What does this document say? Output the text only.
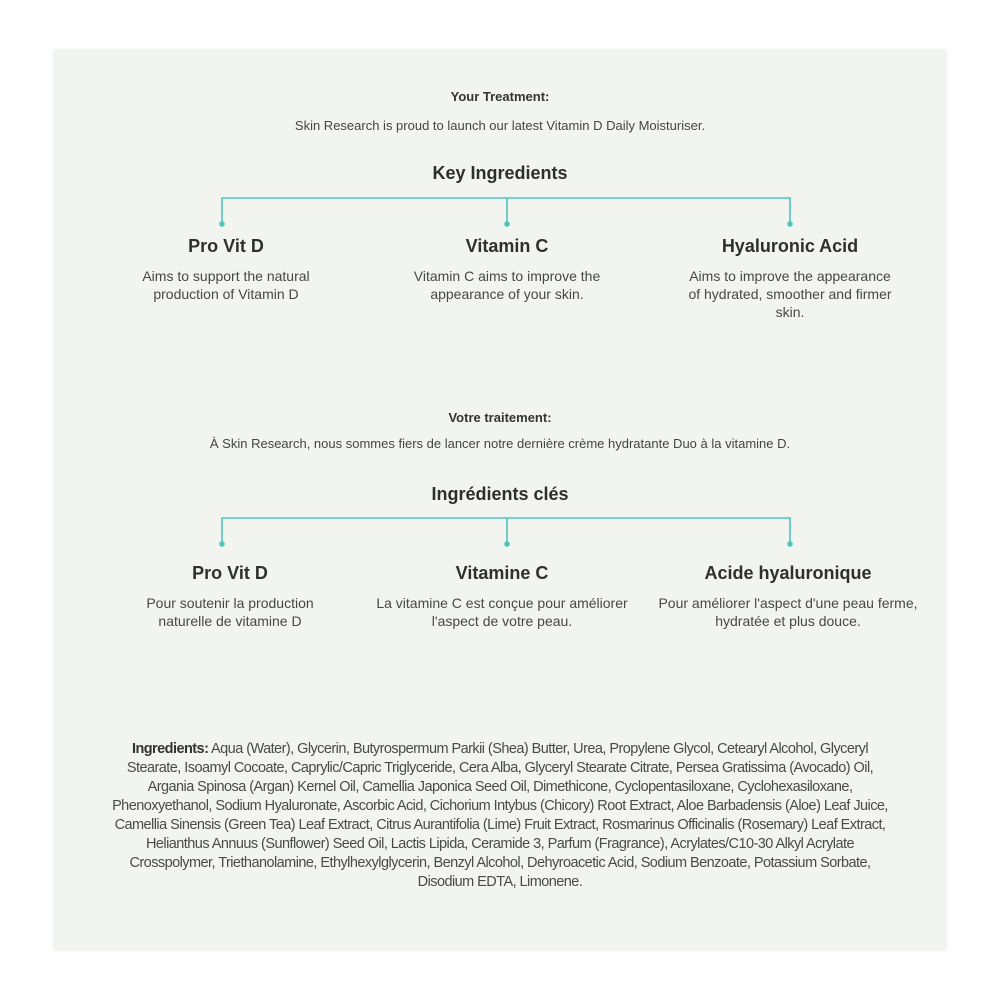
Your Treatment:
Skin Research is proud to launch our latest Vitamin D Daily Moisturiser.
Key Ingredients
Pro Vit D
Aims to support the natural production of Vitamin D
Vitamin C
Vitamin C aims to improve the appearance of your skin.
Hyaluronic Acid
Aims to improve the appearance of hydrated, smoother and firmer skin.
Votre traitement:
À Skin Research, nous sommes fiers de lancer notre dernière crème hydratante Duo à la vitamine D.
Ingrédients clés
Pro Vit D
Pour soutenir la production naturelle de vitamine D
Vitamine C
La vitamine C est conçue pour améliorer l'aspect de votre peau.
Acide hyaluronique
Pour améliorer l'aspect d'une peau ferme, hydratée et plus douce.
Ingredients: Aqua (Water), Glycerin, Butyrospermum Parkii (Shea) Butter, Urea, Propylene Glycol, Cetearyl Alcohol, Glyceryl Stearate, Isoamyl Cocoate, Caprylic/Capric Triglyceride, Cera Alba, Glyceryl Stearate Citrate, Persea Gratissima (Avocado) Oil, Argania Spinosa (Argan) Kernel Oil, Camellia Japonica Seed Oil, Dimethicone, Cyclopentasiloxane, Cyclohexasiloxane, Phenoxyethanol, Sodium Hyaluronate, Ascorbic Acid, Cichorium Intybus (Chicory) Root Extract, Aloe Barbadensis (Aloe) Leaf Juice, Camellia Sinensis (Green Tea) Leaf Extract, Citrus Aurantifolia (Lime) Fruit Extract, Rosmarinus Officinalis (Rosemary) Leaf Extract, Helianthus Annuus (Sunflower) Seed Oil, Lactis Lipida, Ceramide 3, Parfum (Fragrance), Acrylates/C10-30 Alkyl Acrylate Crosspolymer, Triethanolamine, Ethylhexylglycerin, Benzyl Alcohol, Dehyroacetic Acid, Sodium Benzoate, Potassium Sorbate, Disodium EDTA, Limonene.
